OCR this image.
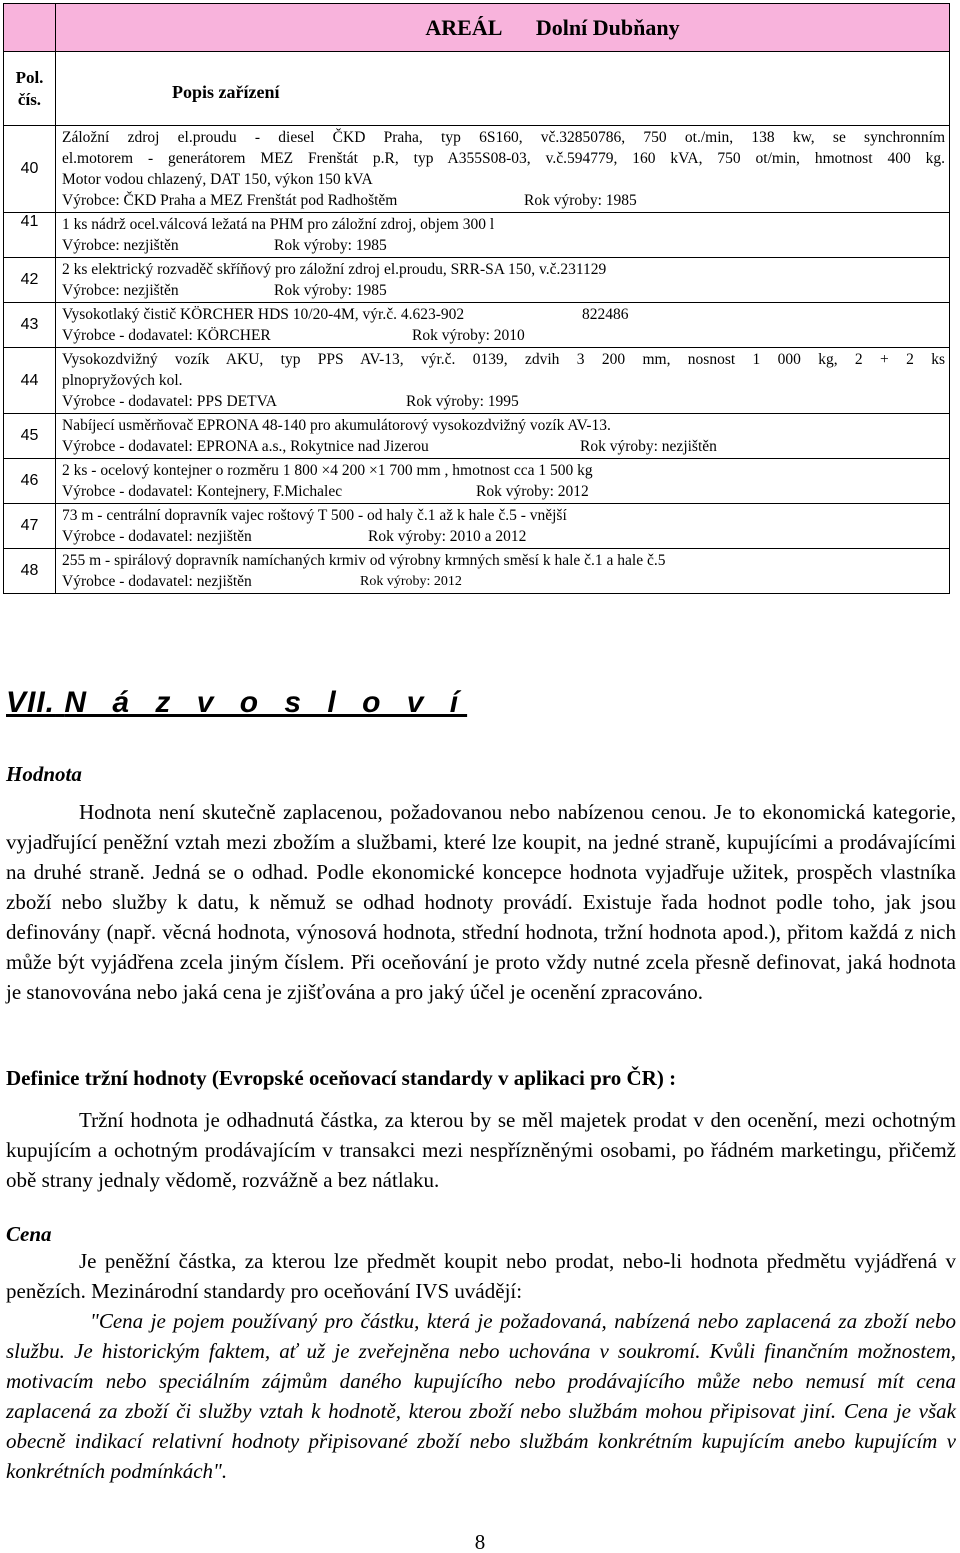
	AREÁL Dolní Dubňany
Pol. čís.	Popis zařízení
40	Záložní zdroj el.proudu - diesel ČKD Praha, typ 6S160, vč.32850786, 750 ot./min, 138 kw, se synchronním
el.motorem - generátorem MEZ Frenštát p.R, typ A355S08-03, v.č.594779, 160 kVA, 750 ot/min, hmotnost 400 kg.
Motor vodou chlazený, DAT 150, výkon 150 kVA
Výrobce: ČKD Praha a MEZ Frenštát pod Radhoštěm Rok výroby: 1985

41	1 ks nádrž ocel.válcová ležatá na PHM pro záložní zdroj, objem 300 l
Výrobce: nezjištěn Rok výroby: 1985

42	2 ks elektrický rozvaděč skříňový pro záložní zdroj el.proudu, SRR-SA 150, v.č.231129
Výrobce: nezjištěn Rok výroby: 1985

43	Vysokotlaký čistič KÖRCHER HDS 10/20-4M, výr.č. 4.623-902 822486
Výrobce - dodavatel: KÖRCHER Rok výroby: 2010

44	Vysokozdvižný vozík AKU, typ PPS AV-13, výr.č. 0139, zdvih 3 200 mm, nosnost 1 000 kg, 2 + 2 ks
plnopryžových kol.
Výrobce - dodavatel: PPS DETVA Rok výroby: 1995

45	Nabíjecí usměrňovač EPRONA 48-140 pro akumulátorový vysokozdvižný vozík AV-13.
Výrobce - dodavatel: EPRONA a.s., Rokytnice nad Jizerou Rok výroby: nezjištěn

46	2 ks - ocelový kontejner o rozměru 1 800 ×4 200 ×1 700 mm , hmotnost cca 1 500 kg
Výrobce - dodavatel: Kontejnery, F.Michalec Rok výroby: 2012

47	73 m - centrální dopravník vajec roštový T 500 - od haly č.1 až k hale č.5 - vnější
Výrobce - dodavatel: nezjištěn Rok výroby: 2010 a 2012

48	255 m - spirálový dopravník namíchaných krmiv od výrobny krmných směsí k hale č.1 a hale č.5
Výrobce - dodavatel: nezjištěn Rok výroby: 2012
VII. N á z v o s l o v í
Hodnota
Hodnota není skutečně zaplacenou, požadovanou nebo nabízenou cenou. Je to ekonomická kategorie, vyjadřující peněžní vztah mezi zbožím a službami, které lze koupit, na jedné straně, kupujícími a prodávajícími na druhé straně. Jedná se o odhad. Podle ekonomické koncepce hodnota vyjadřuje užitek, prospěch vlastníka zboží nebo služby k datu, k němuž se odhad hodnoty provádí. Existuje řada hodnot podle toho, jak jsou definovány (např. věcná hodnota, výnosová hodnota, střední hodnota, tržní hodnota apod.), přitom každá z nich může být vyjádřena zcela jiným číslem. Při oceňování je proto vždy nutné zcela přesně definovat, jaká hodnota je stanovována nebo jaká cena je zjišťována a pro jaký účel je ocenění zpracováno.
Definice tržní hodnoty (Evropské oceňovací standardy v aplikaci pro ČR) :
Tržní hodnota je odhadnutá částka, za kterou by se měl majetek prodat v den ocenění, mezi ochotným kupujícím a ochotným prodávajícím v transakci mezi nespřízněnými osobami, po řádném marketingu, přičemž obě strany jednaly vědomě, rozvážně a bez nátlaku.
Cena
Je peněžní částka, za kterou lze předmět koupit nebo prodat, nebo-li hodnota předmětu vyjádřená v penězích. Mezinárodní standardy pro oceňování IVS uvádějí:
"Cena je pojem používaný pro částku, která je požadovaná, nabízená nebo zaplacená za zboží nebo službu. Je historickým faktem, ať už je zveřejněna nebo uchována v soukromí. Kvůli finančním možnostem, motivacím nebo speciálním zájmům daného kupujícího nebo prodávajícího může nebo nemusí mít cena zaplacená za zboží či služby vztah k hodnotě, kterou zboží nebo službám mohou připisovat jiní. Cena je však obecně indikací relativní hodnoty připisované zboží nebo službám konkrétním kupujícím anebo kupujícím v konkrétních podmínkách".
8
